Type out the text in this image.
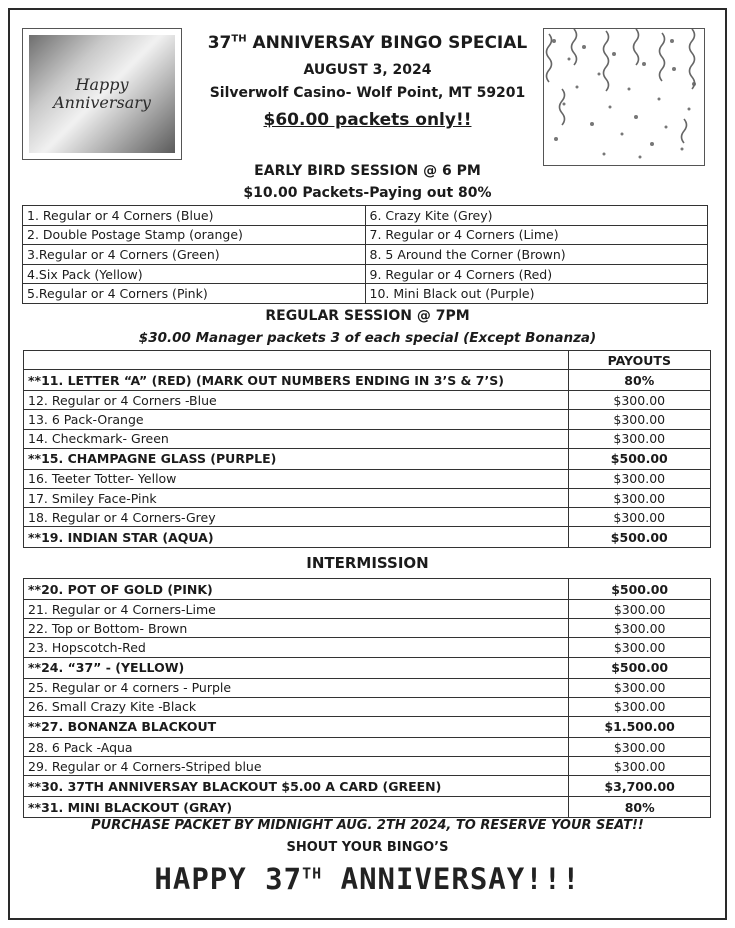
Happy
Anniversary
37TH ANNIVERSAY BINGO SPECIAL
AUGUST 3, 2024
Silverwolf Casino- Wolf Point, MT 59201
$60.00 packets only!!
EARLY BIRD SESSION @ 6 PM
$10.00 Packets-Paying out 80%
1. Regular or 4 Corners (Blue)	6. Crazy Kite (Grey)
2. Double Postage Stamp (orange)	7. Regular or 4 Corners (Lime)
3.Regular or 4 Corners (Green)	8. 5 Around the Corner (Brown)
4.Six Pack (Yellow)	9. Regular or 4 Corners (Red)
5.Regular or 4 Corners (Pink)	10. Mini Black out (Purple)
REGULAR SESSION @ 7PM
$30.00 Manager packets 3 of each special (Except Bonanza)
	PAYOUTS
**11. LETTER “A” (RED) (MARK OUT NUMBERS ENDING IN 3’S & 7’S)	80%
12. Regular or 4 Corners -Blue	$300.00
13. 6 Pack-Orange	$300.00
14. Checkmark- Green	$300.00
**15. CHAMPAGNE GLASS (PURPLE)	$500.00
16. Teeter Totter- Yellow	$300.00
17. Smiley Face-Pink	$300.00
18. Regular or 4 Corners-Grey	$300.00
**19. INDIAN STAR (AQUA)	$500.00
INTERMISSION
**20. POT OF GOLD (PINK)	$500.00
21. Regular or 4 Corners-Lime	$300.00
22. Top or Bottom- Brown	$300.00
23. Hopscotch-Red	$300.00
**24. “37” - (YELLOW)	$500.00
25. Regular or 4 corners - Purple	$300.00
26. Small Crazy Kite -Black	$300.00
**27. BONANZA BLACKOUT	$1.500.00
28. 6 Pack -Aqua	$300.00
29. Regular or 4 Corners-Striped blue	$300.00
**30. 37TH ANNIVERSAY BLACKOUT $5.00 A CARD (GREEN)	$3,700.00
**31. MINI BLACKOUT (GRAY)	80%
PURCHASE PACKET BY MIDNIGHT AUG. 2TH 2024, TO RESERVE YOUR SEAT!!
SHOUT YOUR BINGO’S
HAPPY 37TH ANNIVERSAY!!!
